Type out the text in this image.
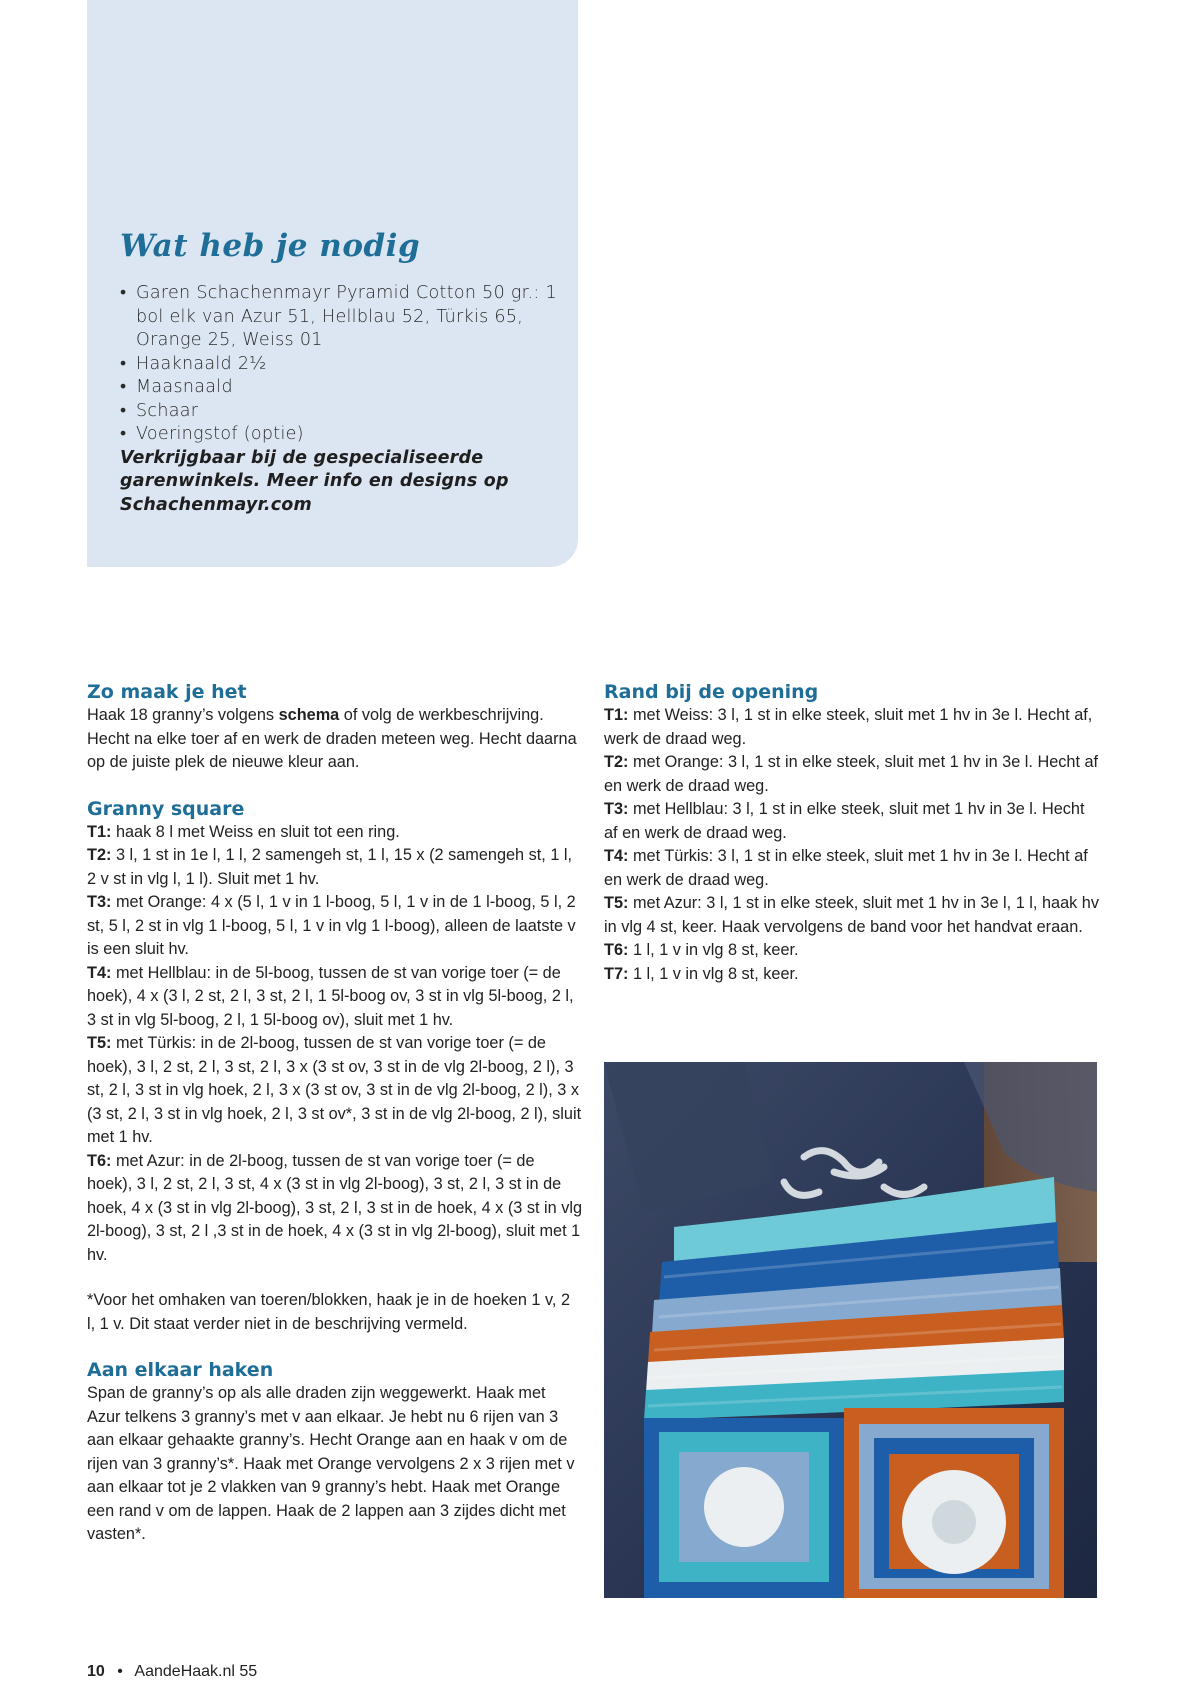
Wat heb je nodig
• Garen Schachenmayr Pyramid Cotton 50 gr.: 1 bol elk van Azur 51, Hellblau 52, Türkis 65, Orange 25, Weiss 01
• Haaknaald 2½
• Maasnaald
• Schaar
• Voeringstof (optie)
Verkrijgbaar bij de gespecialiseerde garenwinkels. Meer info en designs op Schachenmayr.com
Zo maak je het

Haak 18 granny’s volgens schema of volg de werkbeschrijving. Hecht na elke toer af en werk de draden meteen weg. Hecht daarna op de juiste plek de nieuwe kleur aan.

Granny square

T1: haak 8 l met Weiss en sluit tot een ring.

T2: 3 l, 1 st in 1e l, 1 l, 2 samengeh st, 1 l, 15 x (2 samengeh st, 1 l, 2 v st in vlg l, 1 l). Sluit met 1 hv.

T3: met Orange: 4 x (5 l, 1 v in 1 l-boog, 5 l, 1 v in de 1 l-boog, 5 l, 2 st, 5 l, 2 st in vlg 1 l-boog, 5 l, 1 v in vlg 1 l-boog), alleen de laatste v is een sluit hv.

T4: met Hellblau: in de 5l-boog, tussen de st van vorige toer (= de hoek), 4 x (3 l, 2 st, 2 l, 3 st, 2 l, 1 5l-boog ov, 3 st in vlg 5l-boog, 2 l, 3 st in vlg 5l-boog, 2 l, 1 5l-boog ov), sluit met 1 hv.

T5: met Türkis: in de 2l-boog, tussen de st van vorige toer (= de hoek), 3 l, 2 st, 2 l, 3 st, 2 l, 3 x (3 st ov, 3 st in de vlg 2l-boog, 2 l), 3 st, 2 l, 3 st in vlg hoek, 2 l, 3 x (3 st ov, 3 st in de vlg 2l-boog, 2 l), 3 x (3 st, 2 l, 3 st in vlg hoek, 2 l, 3 st ov*, 3 st in de vlg 2l-boog, 2 l), sluit met 1 hv.

T6: met Azur: in de 2l-boog, tussen de st van vorige toer (= de hoek), 3 l, 2 st, 2 l, 3 st, 4 x (3 st in vlg 2l-boog), 3 st, 2 l, 3 st in de hoek, 4 x (3 st in vlg 2l-boog), 3 st, 2 l, 3 st in de hoek, 4 x (3 st in vlg 2l-boog), 3 st, 2 l ,3 st in de hoek, 4 x (3 st in vlg 2l-boog), sluit met 1 hv.

*Voor het omhaken van toeren/blokken, haak je in de hoeken 1 v, 2 l, 1 v. Dit staat verder niet in de beschrijving vermeld.

Aan elkaar haken

Span de granny’s op als alle draden zijn weggewerkt. Haak met Azur telkens 3 granny’s met v aan elkaar. Je hebt nu 6 rijen van 3 aan elkaar gehaakte granny’s. Hecht Orange aan en haak v om de rijen van 3 granny’s*. Haak met Orange vervolgens 2 x 3 rijen met v aan elkaar tot je 2 vlakken van 9 granny’s hebt. Haak met Orange een rand v om de lappen. Haak de 2 lappen aan 3 zijdes dicht met vasten*.

Rand bij de opening

T1: met Weiss: 3 l, 1 st in elke steek, sluit met 1 hv in 3e l. Hecht af, werk de draad weg.

T2: met Orange: 3 l, 1 st in elke steek, sluit met 1 hv in 3e l. Hecht af en werk de draad weg.

T3: met Hellblau: 3 l, 1 st in elke steek, sluit met 1 hv in 3e l. Hecht af en werk de draad weg.

T4: met Türkis: 3 l, 1 st in elke steek, sluit met 1 hv in 3e l. Hecht af en werk de draad weg.

T5: met Azur: 3 l, 1 st in elke steek, sluit met 1 hv in 3e l, 1 l, haak hv in vlg 4 st, keer. Haak vervolgens de band voor het handvat eraan.

T6: 1 l, 1 v in vlg 8 st, keer.

T7: 1 l, 1 v in vlg 8 st, keer.

10 • AandeHaak.nl 55
